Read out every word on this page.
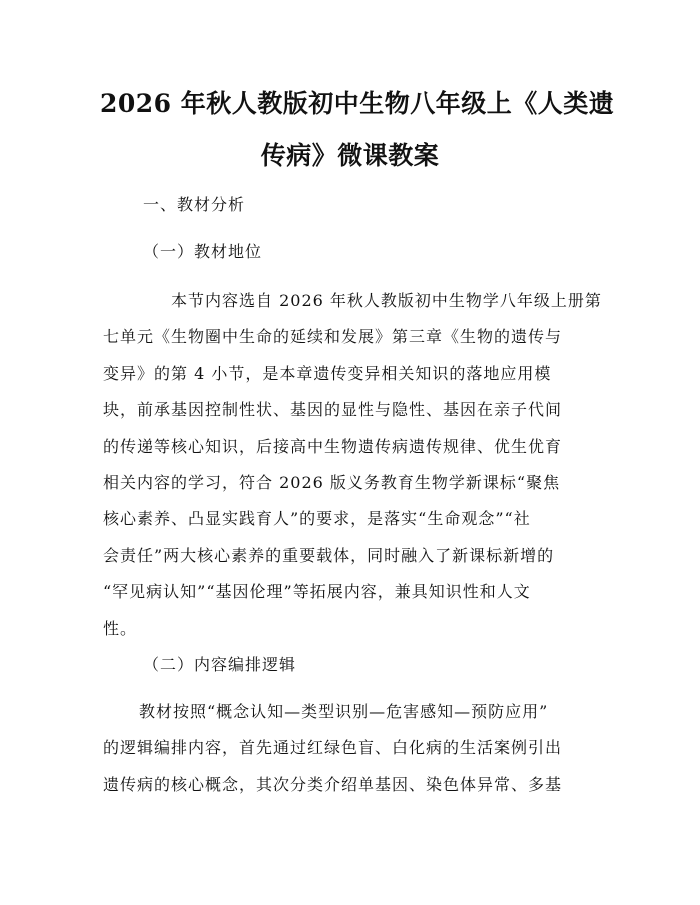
2026 年秋人教版初中生物八年级上《人类遗
传病》微课教案
一、教材分析
（一）教材地位

本节内容选自 2026 年秋人教版初中生物学八年级上册第
七单元《生物圈中生命的延续和发展》第三章《生物的遗传与
变异》的第 4 小节，是本章遗传变异相关知识的落地应用模
块，前承基因控制性状、基因的显性与隐性、基因在亲子代间
的传递等核心知识，后接高中生物遗传病遗传规律、优生优育
相关内容的学习，符合 2026 版义务教育生物学新课标“聚焦
核心素养、凸显实践育人”的要求，是落实“生命观念”“社
会责任”两大核心素养的重要载体，同时融入了新课标新增的
“罕见病认知”“基因伦理”等拓展内容，兼具知识性和人文
性。

（二）内容编排逻辑

教材按照“概念认知—类型识别—危害感知—预防应用”
的逻辑编排内容，首先通过红绿色盲、白化病的生活案例引出
遗传病的核心概念，其次分类介绍单基因、染色体异常、多基
